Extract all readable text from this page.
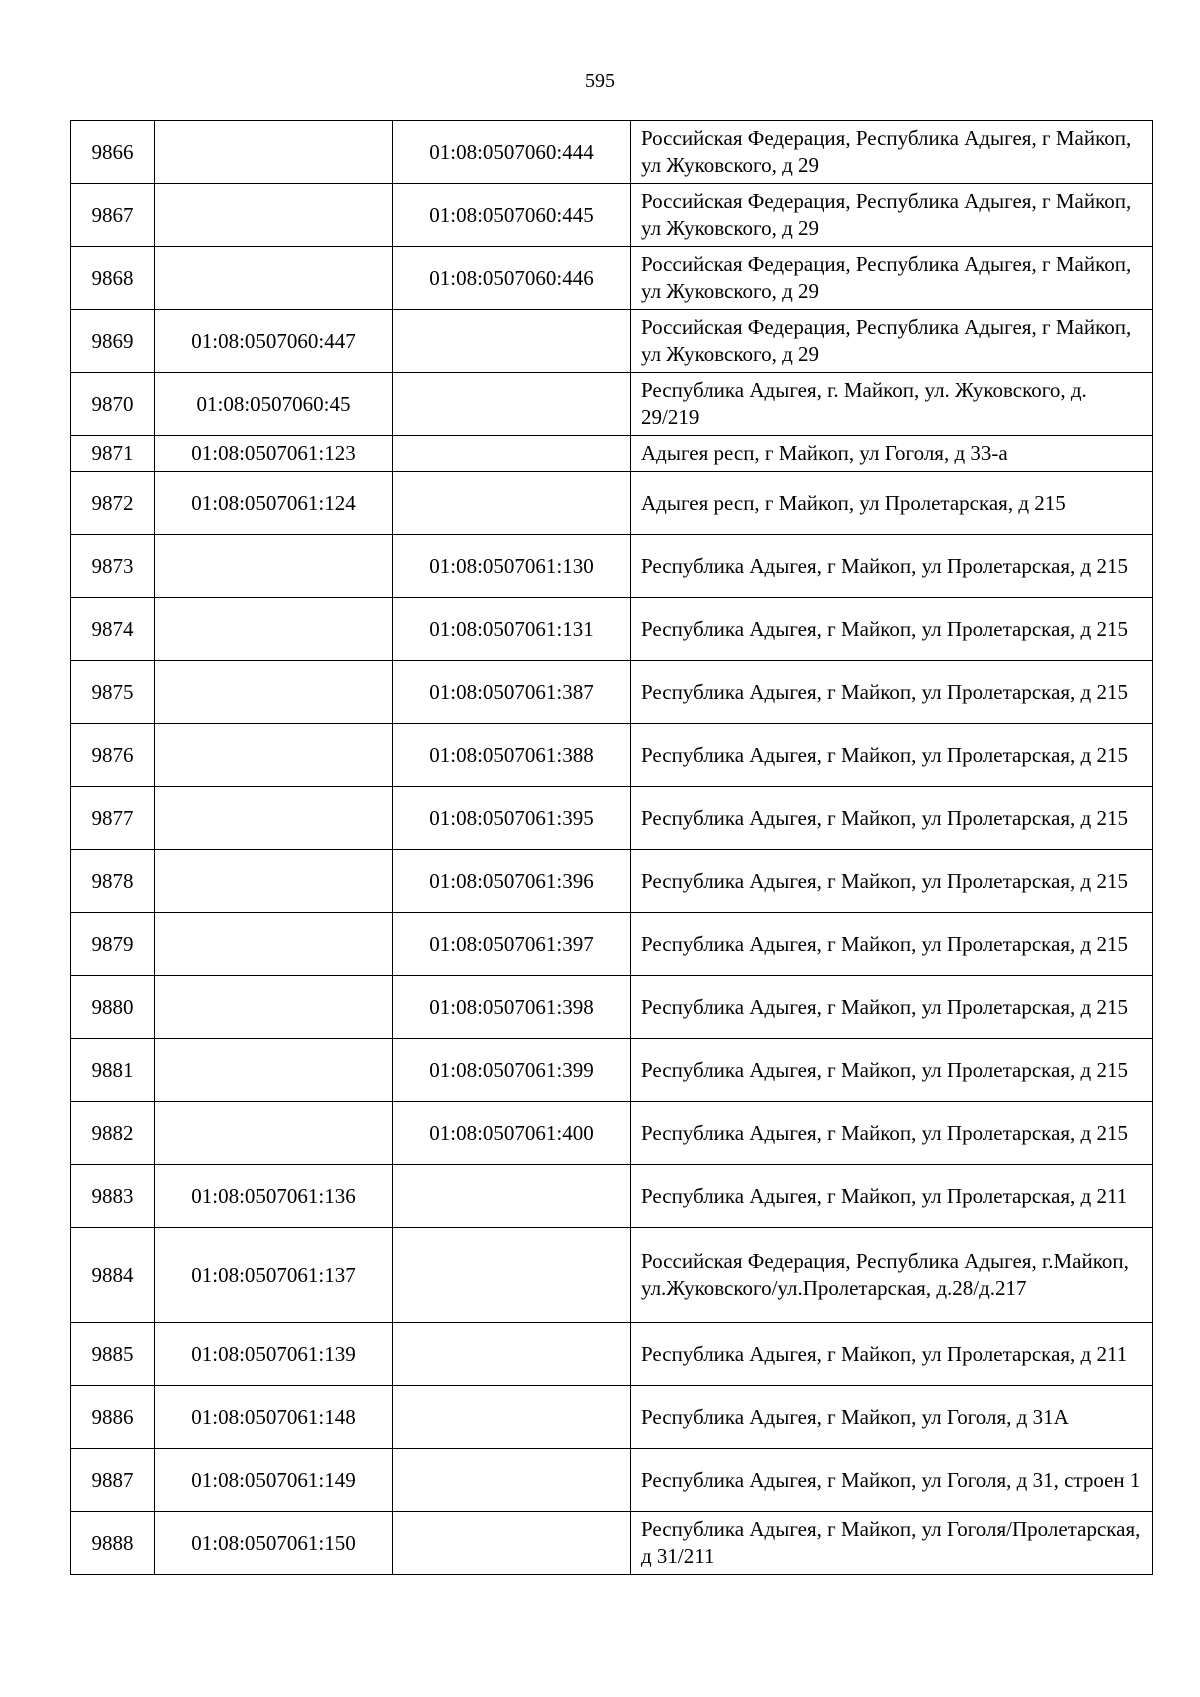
595
9866		01:08:0507060:444	Российская Федерация, Республика Адыгея, г Майкоп, ул Жуковского, д 29
9867		01:08:0507060:445	Российская Федерация, Республика Адыгея, г Майкоп, ул Жуковского, д 29
9868		01:08:0507060:446	Российская Федерация, Республика Адыгея, г Майкоп, ул Жуковского, д 29
9869	01:08:0507060:447		Российская Федерация, Республика Адыгея, г Майкоп, ул Жуковского, д 29
9870	01:08:0507060:45		Республика Адыгея, г. Майкоп, ул. Жуковского, д. 29/219
9871	01:08:0507061:123		Адыгея респ, г Майкоп, ул Гоголя, д 33-а
9872	01:08:0507061:124		Адыгея респ, г Майкоп, ул Пролетарская, д 215
9873		01:08:0507061:130	Республика Адыгея, г Майкоп, ул Пролетарская, д 215
9874		01:08:0507061:131	Республика Адыгея, г Майкоп, ул Пролетарская, д 215
9875		01:08:0507061:387	Республика Адыгея, г Майкоп, ул Пролетарская, д 215
9876		01:08:0507061:388	Республика Адыгея, г Майкоп, ул Пролетарская, д 215
9877		01:08:0507061:395	Республика Адыгея, г Майкоп, ул Пролетарская, д 215
9878		01:08:0507061:396	Республика Адыгея, г Майкоп, ул Пролетарская, д 215
9879		01:08:0507061:397	Республика Адыгея, г Майкоп, ул Пролетарская, д 215
9880		01:08:0507061:398	Республика Адыгея, г Майкоп, ул Пролетарская, д 215
9881		01:08:0507061:399	Республика Адыгея, г Майкоп, ул Пролетарская, д 215
9882		01:08:0507061:400	Республика Адыгея, г Майкоп, ул Пролетарская, д 215
9883	01:08:0507061:136		Республика Адыгея, г Майкоп, ул Пролетарская, д 211
9884	01:08:0507061:137		Российская Федерация, Республика Адыгея, г.Майкоп, ул.Жуковского/ул.Пролетарская, д.28/д.217
9885	01:08:0507061:139		Республика Адыгея, г Майкоп, ул Пролетарская, д 211
9886	01:08:0507061:148		Республика Адыгея, г Майкоп, ул Гоголя, д 31А
9887	01:08:0507061:149		Республика Адыгея, г Майкоп, ул Гоголя, д 31, строен 1
9888	01:08:0507061:150		Республика Адыгея, г Майкоп, ул Гоголя/Пролетарская, д 31/211
